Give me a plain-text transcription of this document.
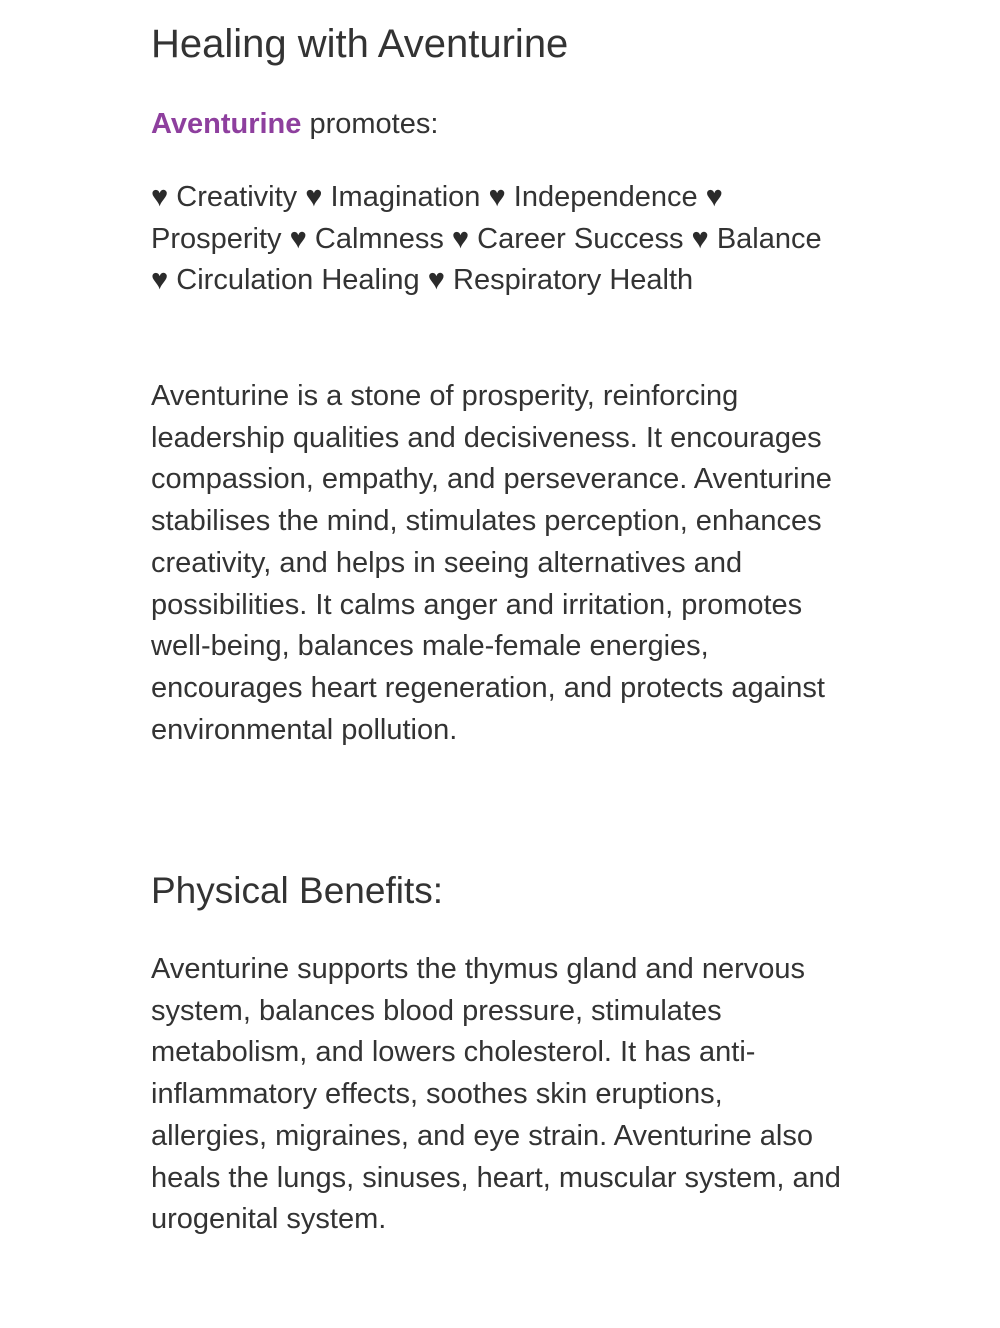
Healing with Aventurine

Aventurine promotes:

♥ Creativity ♥ Imagination ♥ Independence ♥ Prosperity ♥ Calmness ♥ Career Success ♥ Balance ♥ Circulation Healing ♥ Respiratory Health

Aventurine is a stone of prosperity, reinforcing leadership qualities and decisiveness. It encourages compassion, empathy, and perseverance. Aventurine stabilises the mind, stimulates perception, enhances creativity, and helps in seeing alternatives and possibilities. It calms anger and irritation, promotes well-being, balances male-female energies, encourages heart regeneration, and protects against environmental pollution.

Physical Benefits:

Aventurine supports the thymus gland and nervous system, balances blood pressure, stimulates metabolism, and lowers cholesterol. It has anti-inflammatory effects, soothes skin eruptions, allergies, migraines, and eye strain. Aventurine also heals the lungs, sinuses, heart, muscular system, and urogenital system.
